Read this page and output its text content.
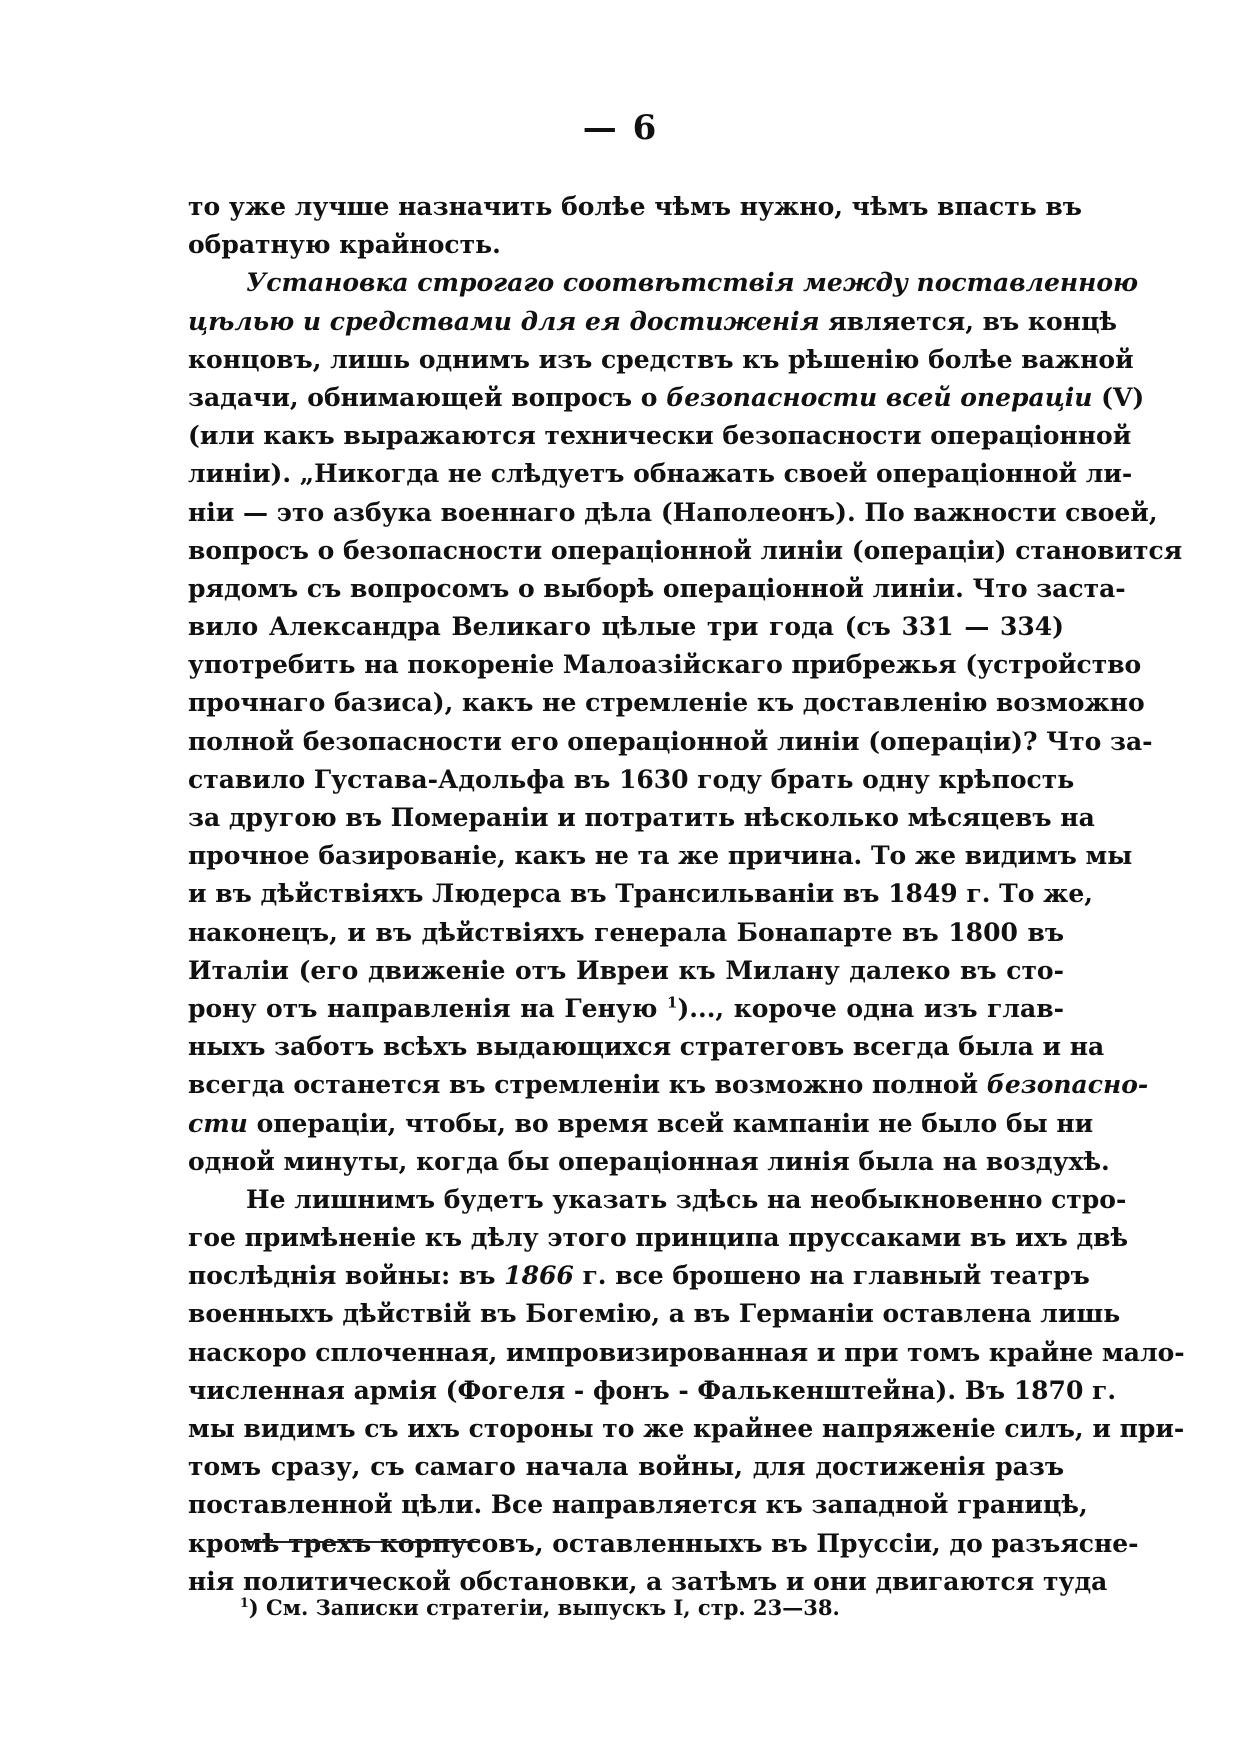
— 6
то уже лучше назначить болѣе чѣмъ нужно, чѣмъ впасть въ
обратную крайность.
Установка строгаго соотвѣтствія между поставленною
цѣлью и средствами для ея достиженія является, въ концѣ
концовъ, лишь однимъ изъ средствъ къ рѣшенію болѣе важной
задачи, обнимающей вопросъ о безопасности всей операціи (V)
(или какъ выражаются технически безопасности операціонной
линіи). „Никогда не слѣдуетъ обнажать своей операціонной ли-
ніи — это азбука военнаго дѣла (Наполеонъ). По важности своей,
вопросъ о безопасности операціонной линіи (операціи) становится
рядомъ съ вопросомъ о выборѣ операціонной линіи. Что заста-
вило Александра Великаго цѣлые три года (съ 331 — 334)
употребить на покореніе Малоазійскаго прибрежья (устройство
прочнаго базиса), какъ не стремленіе къ доставленію возможно
полной безопасности его операціонной линіи (операціи)? Что за-
ставило Густава-Адольфа въ 1630 году брать одну крѣпость
за другою въ Помераніи и потратить нѣсколько мѣсяцевъ на
прочное базированіе, какъ не та же причина. То же видимъ мы
и въ дѣйствіяхъ Людерса въ Трансильваніи въ 1849 г. То же,
наконецъ, и въ дѣйствіяхъ генерала Бонапарте въ 1800 въ
Италіи (его движеніе отъ Ивреи къ Милану далеко въ сто-
рону отъ направленія на Геную $^1$)..., короче одна изъ глав-
ныхъ заботъ всѣхъ выдающихся стратеговъ всегда была и на
всегда останется въ стремленіи къ возможно полной безопасно-
сти операціи, чтобы, во время всей кампаніи не было бы ни
одной минуты, когда бы операціонная линія была на воздухѣ.
Не лишнимъ будетъ указать здѣсь на необыкновенно стро-
гое примѣненіе къ дѣлу этого принципа пруссаками въ ихъ двѣ
послѣднія войны: въ 1866 г. все брошено на главный театръ
военныхъ дѣйствій въ Богемію, а въ Германіи оставлена лишь
наскоро сплоченная, импровизированная и при томъ крайне мало-
численная армія (Фогеля - фонъ - Фалькенштейна). Въ 1870 г.
мы видимъ съ ихъ стороны то же крайнее напряженіе силъ, и при-
томъ сразу, съ самаго начала войны, для достиженія разъ
поставленной цѣли. Все направляется къ западной границѣ,
кромѣ трехъ корпусовъ, оставленныхъ въ Пруссіи, до разъясне-
нія политической обстановки, а затѣмъ и они двигаются туда
$^1$) См. Записки стратегіи, выпускъ I, стр. 23—38.
